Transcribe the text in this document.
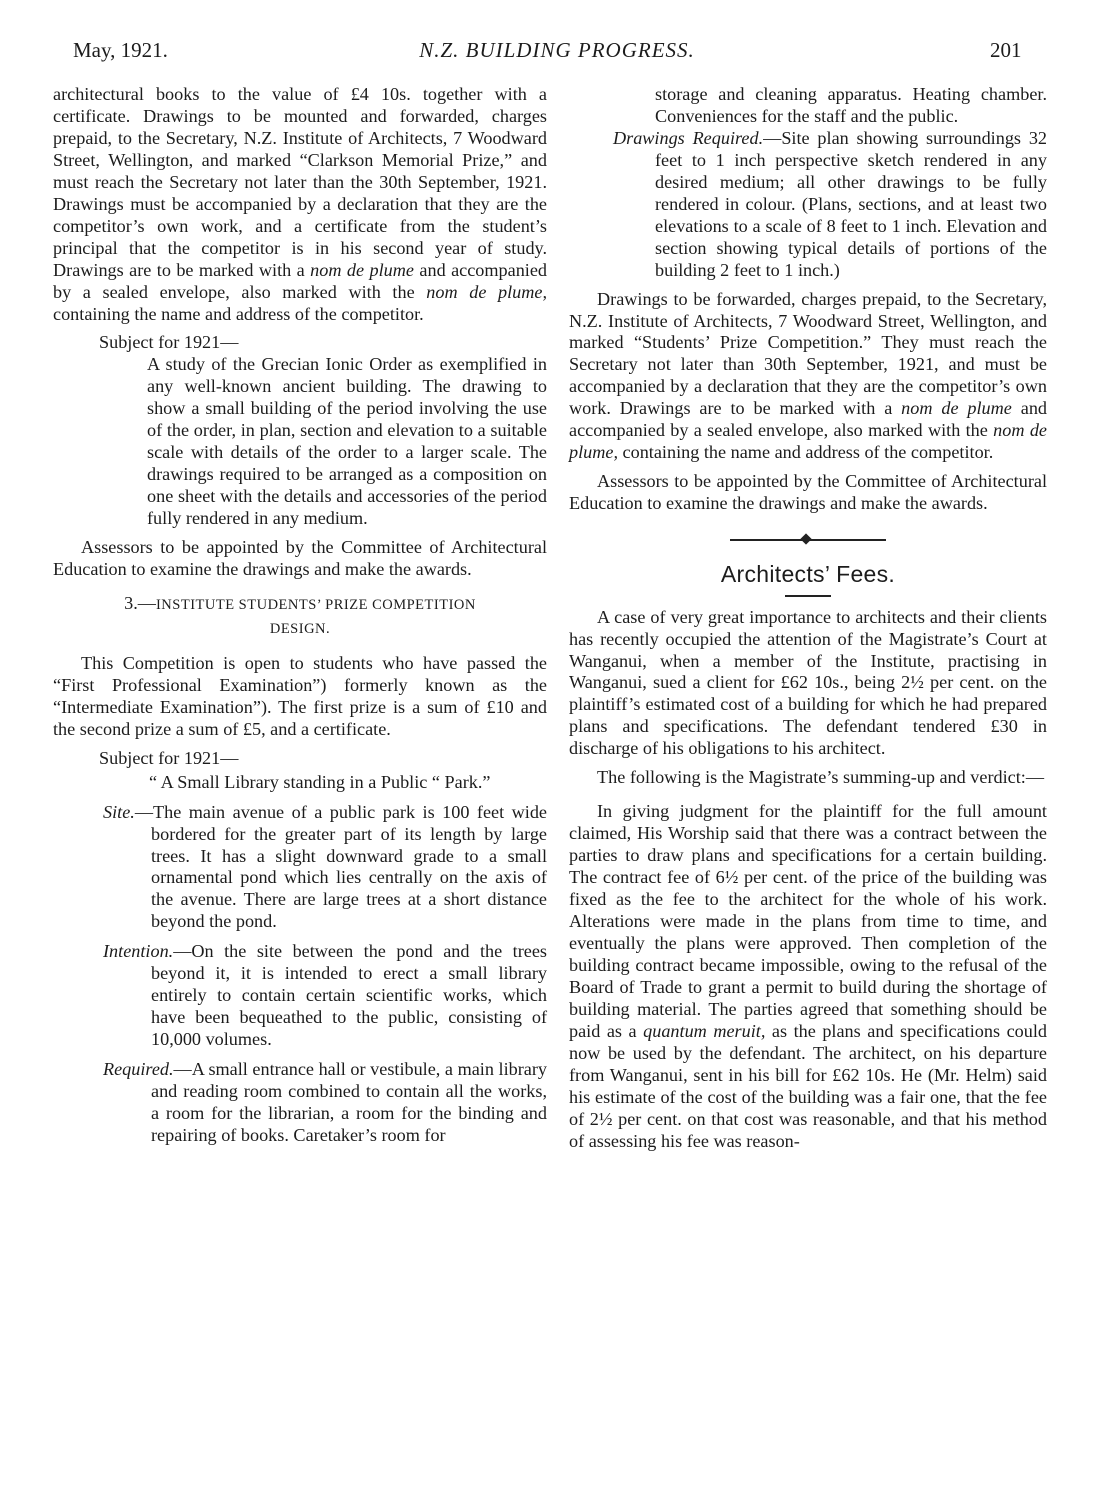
May, 1921.	N.Z. BUILDING PROGRESS.	201

architectural books to the value of £4 10s. together with a certificate. Drawings to be mounted and forwarded, charges prepaid, to the Secretary, N.Z. Institute of Architects, 7 Woodward Street, Wellington, and marked “Clarkson Memorial Prize,” and must reach the Secretary not later than the 30th September, 1921. Drawings must be accompanied by a declaration that they are the competitor’s own work, and a certificate from the student’s principal that the competitor is in his second year of study. Drawings are to be marked with a nom de plume and accompanied by a sealed envelope, also marked with the nom de plume, containing the name and address of the competitor.

Subject for 1921—

A study of the Grecian Ionic Order as exemplified in any well-known ancient building. The drawing to show a small building of the period involving the use of the order, in plan, section and elevation to a suitable scale with details of the order to a larger scale. The drawings required to be arranged as a composition on one sheet with the details and accessories of the period fully rendered in any medium.

Assessors to be appointed by the Committee of Architectural Education to examine the drawings and make the awards.

3.—INSTITUTE STUDENTS’ PRIZE COMPETITION
DESIGN.

This Competition is open to students who have passed the “First Professional Examination”) formerly known as the “Intermediate Examination”). The first prize is a sum of £10 and the second prize a sum of £5, and a certificate.

Subject for 1921—

“ A Small Library standing in a Public “ Park.”

Site.—The main avenue of a public park is 100 feet wide bordered for the greater part of its length by large trees. It has a slight downward grade to a small ornamental pond which lies centrally on the axis of the avenue. There are large trees at a short distance beyond the pond.

Intention.—On the site between the pond and the trees beyond it, it is intended to erect a small library entirely to contain certain scientific works, which have been bequeathed to the public, consisting of 10,000 volumes.

Required.—A small entrance hall or vestibule, a main library and reading room combined to contain all the works, a room for the librarian, a room for the binding and repairing of books. Caretaker’s room for

storage and cleaning apparatus. Heating chamber. Conveniences for the staff and the public.

Drawings Required.—Site plan showing surroundings 32 feet to 1 inch perspective sketch rendered in any desired medium; all other drawings to be fully rendered in colour. (Plans, sections, and at least two elevations to a scale of 8 feet to 1 inch. Elevation and section showing typical details of portions of the building 2 feet to 1 inch.)

Drawings to be forwarded, charges prepaid, to the Secretary, N.Z. Institute of Architects, 7 Woodward Street, Wellington, and marked “Students’ Prize Competition.” They must reach the Secretary not later than 30th September, 1921, and must be accompanied by a declaration that they are the competitor’s own work. Drawings are to be marked with a nom de plume and accompanied by a sealed envelope, also marked with the nom de plume, containing the name and address of the competitor.

Assessors to be appointed by the Committee of Architectural Education to examine the drawings and make the awards.

Architects’ Fees.

A case of very great importance to architects and their clients has recently occupied the attention of the Magistrate’s Court at Wanganui, when a member of the Institute, practising in Wanganui, sued a client for £62 10s., being 2½ per cent. on the plaintiff’s estimated cost of a building for which he had prepared plans and specifications. The defendant tendered £30 in discharge of his obligations to his architect.

The following is the Magistrate’s summing-up and verdict:—

In giving judgment for the plaintiff for the full amount claimed, His Worship said that there was a contract between the parties to draw plans and specifications for a certain building. The contract fee of 6½ per cent. of the price of the building was fixed as the fee to the architect for the whole of his work. Alterations were made in the plans from time to time, and eventually the plans were approved. Then completion of the building contract became impossible, owing to the refusal of the Board of Trade to grant a permit to build during the shortage of building material. The parties agreed that something should be paid as a quantum meruit, as the plans and specifications could now be used by the defendant. The architect, on his departure from Wanganui, sent in his bill for £62 10s. He (Mr. Helm) said his estimate of the cost of the building was a fair one, that the fee of 2½ per cent. on that cost was reasonable, and that his method of assessing his fee was reason-
